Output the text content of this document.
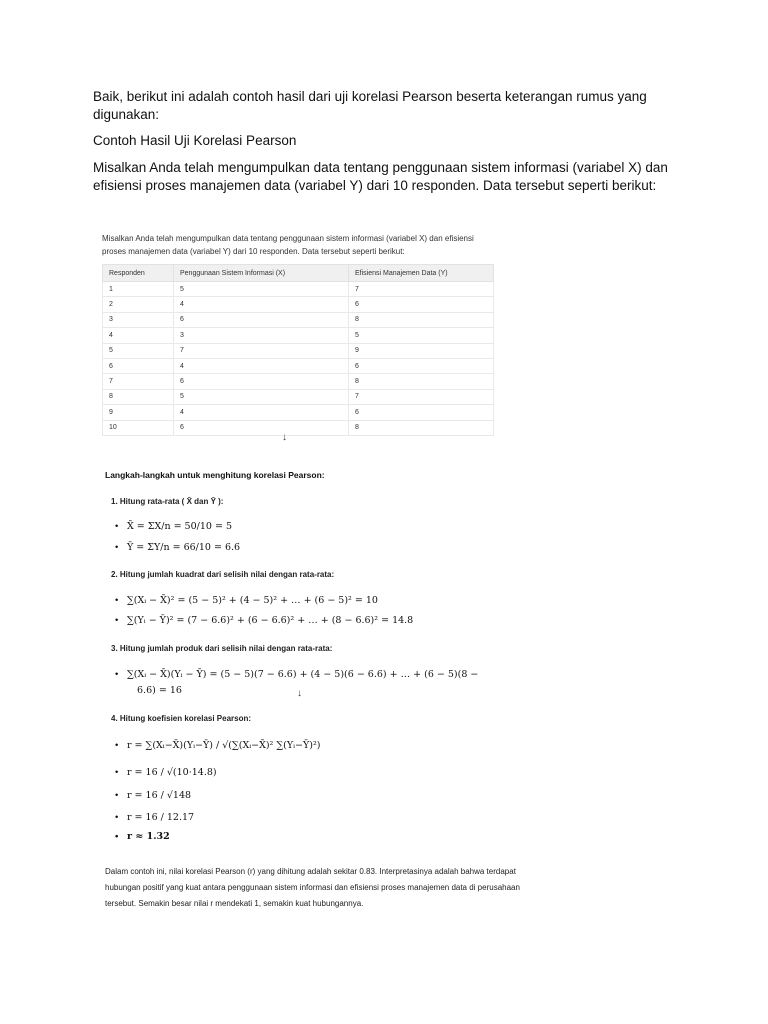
Baik, berikut ini adalah contoh hasil dari uji korelasi Pearson beserta keterangan rumus yang digunakan:

Contoh Hasil Uji Korelasi Pearson

Misalkan Anda telah mengumpulkan data tentang penggunaan sistem informasi (variabel X) dan efisiensi proses manajemen data (variabel Y) dari 10 responden. Data tersebut seperti berikut:

Misalkan Anda telah mengumpulkan data tentang penggunaan sistem informasi (variabel X) dan efisiensi proses manajemen data (variabel Y) dari 10 responden. Data tersebut seperti berikut:

Responden	Penggunaan Sistem Informasi (X)	Efisiensi Manajemen Data (Y)
1	5	7
2	4	6
3	6	8
4	3	5
5	7	9
6	4	6
7	6	8
8	5	7
9	4	6
10	6	8
↓

Langkah-langkah untuk menghitung korelasi Pearson:

1. Hitung rata-rata ( X̄ dan Ȳ ):
• X̄ = ΣX/n = 50/10 = 5
• Ȳ = ΣY/n = 66/10 = 6.6
2. Hitung jumlah kuadrat dari selisih nilai dengan rata-rata:
• ∑(Xᵢ − X̄)² = (5 − 5)² + (4 − 5)² + … + (6 − 5)² = 10
• ∑(Yᵢ − Ȳ)² = (7 − 6.6)² + (6 − 6.6)² + … + (8 − 6.6)² = 14.8
3. Hitung jumlah produk dari selisih nilai dengan rata-rata:
• ∑(Xᵢ − X̄)(Yᵢ − Ȳ) = (5 − 5)(7 − 6.6) + (4 − 5)(6 − 6.6) + … + (6 − 5)(8 −
6.6) = 16	↓
4. Hitung koefisien korelasi Pearson:
• r = ∑(Xᵢ−X̄)(Yᵢ−Ȳ) / √(∑(Xᵢ−X̄)² ∑(Yᵢ−Ȳ)²)
• r = 16 / √(10·14.8)
• r = 16 / √148
• r = 16 / 12.17
• r ≈ 1.32

Dalam contoh ini, nilai korelasi Pearson (r) yang dihitung adalah sekitar 0.83. Interpretasinya adalah bahwa terdapat hubungan positif yang kuat antara penggunaan sistem informasi dan efisiensi proses manajemen data di perusahaan tersebut. Semakin besar nilai r mendekati 1, semakin kuat hubungannya.
